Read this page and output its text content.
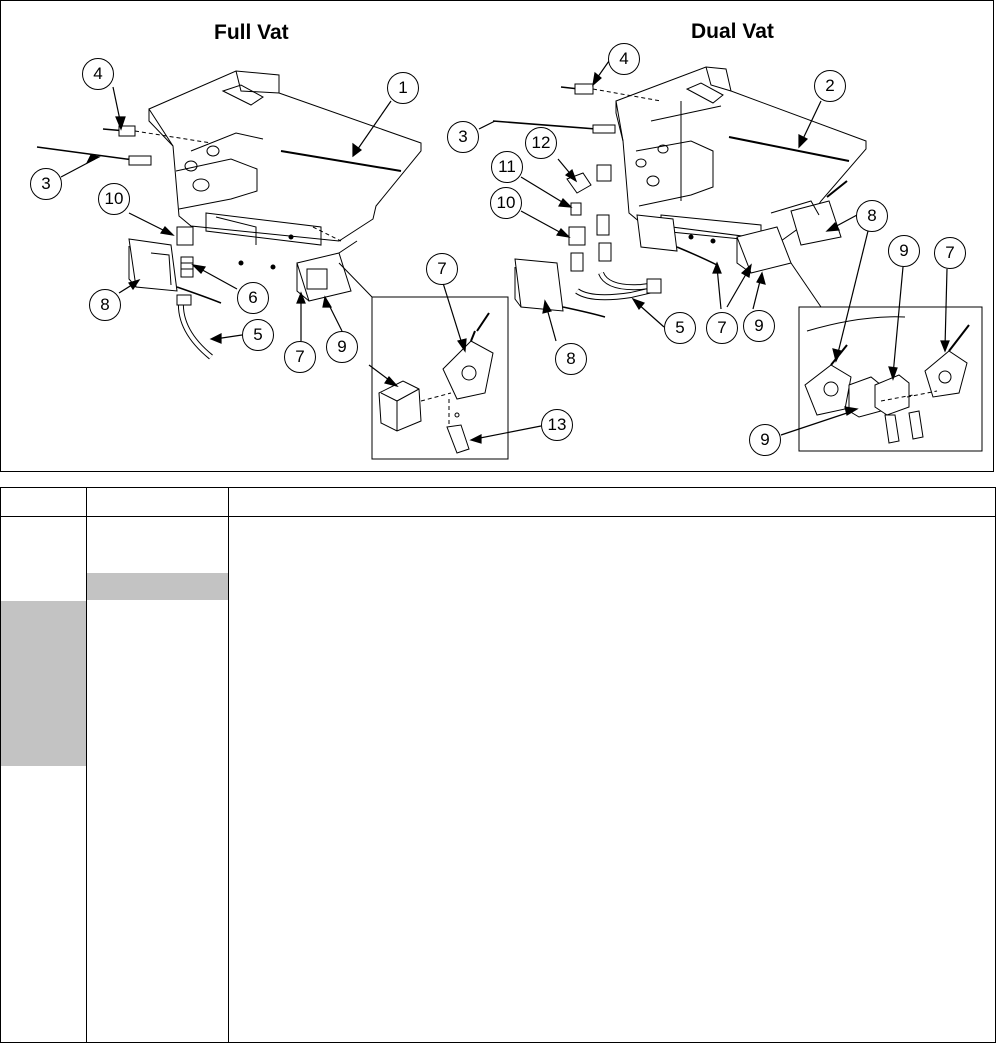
Full Vat	Dual Vat
1
4
3
10
6
8
5
7
7
9
13
4
2
3	12
11
10
8
5	7	9
8
9	7
9
